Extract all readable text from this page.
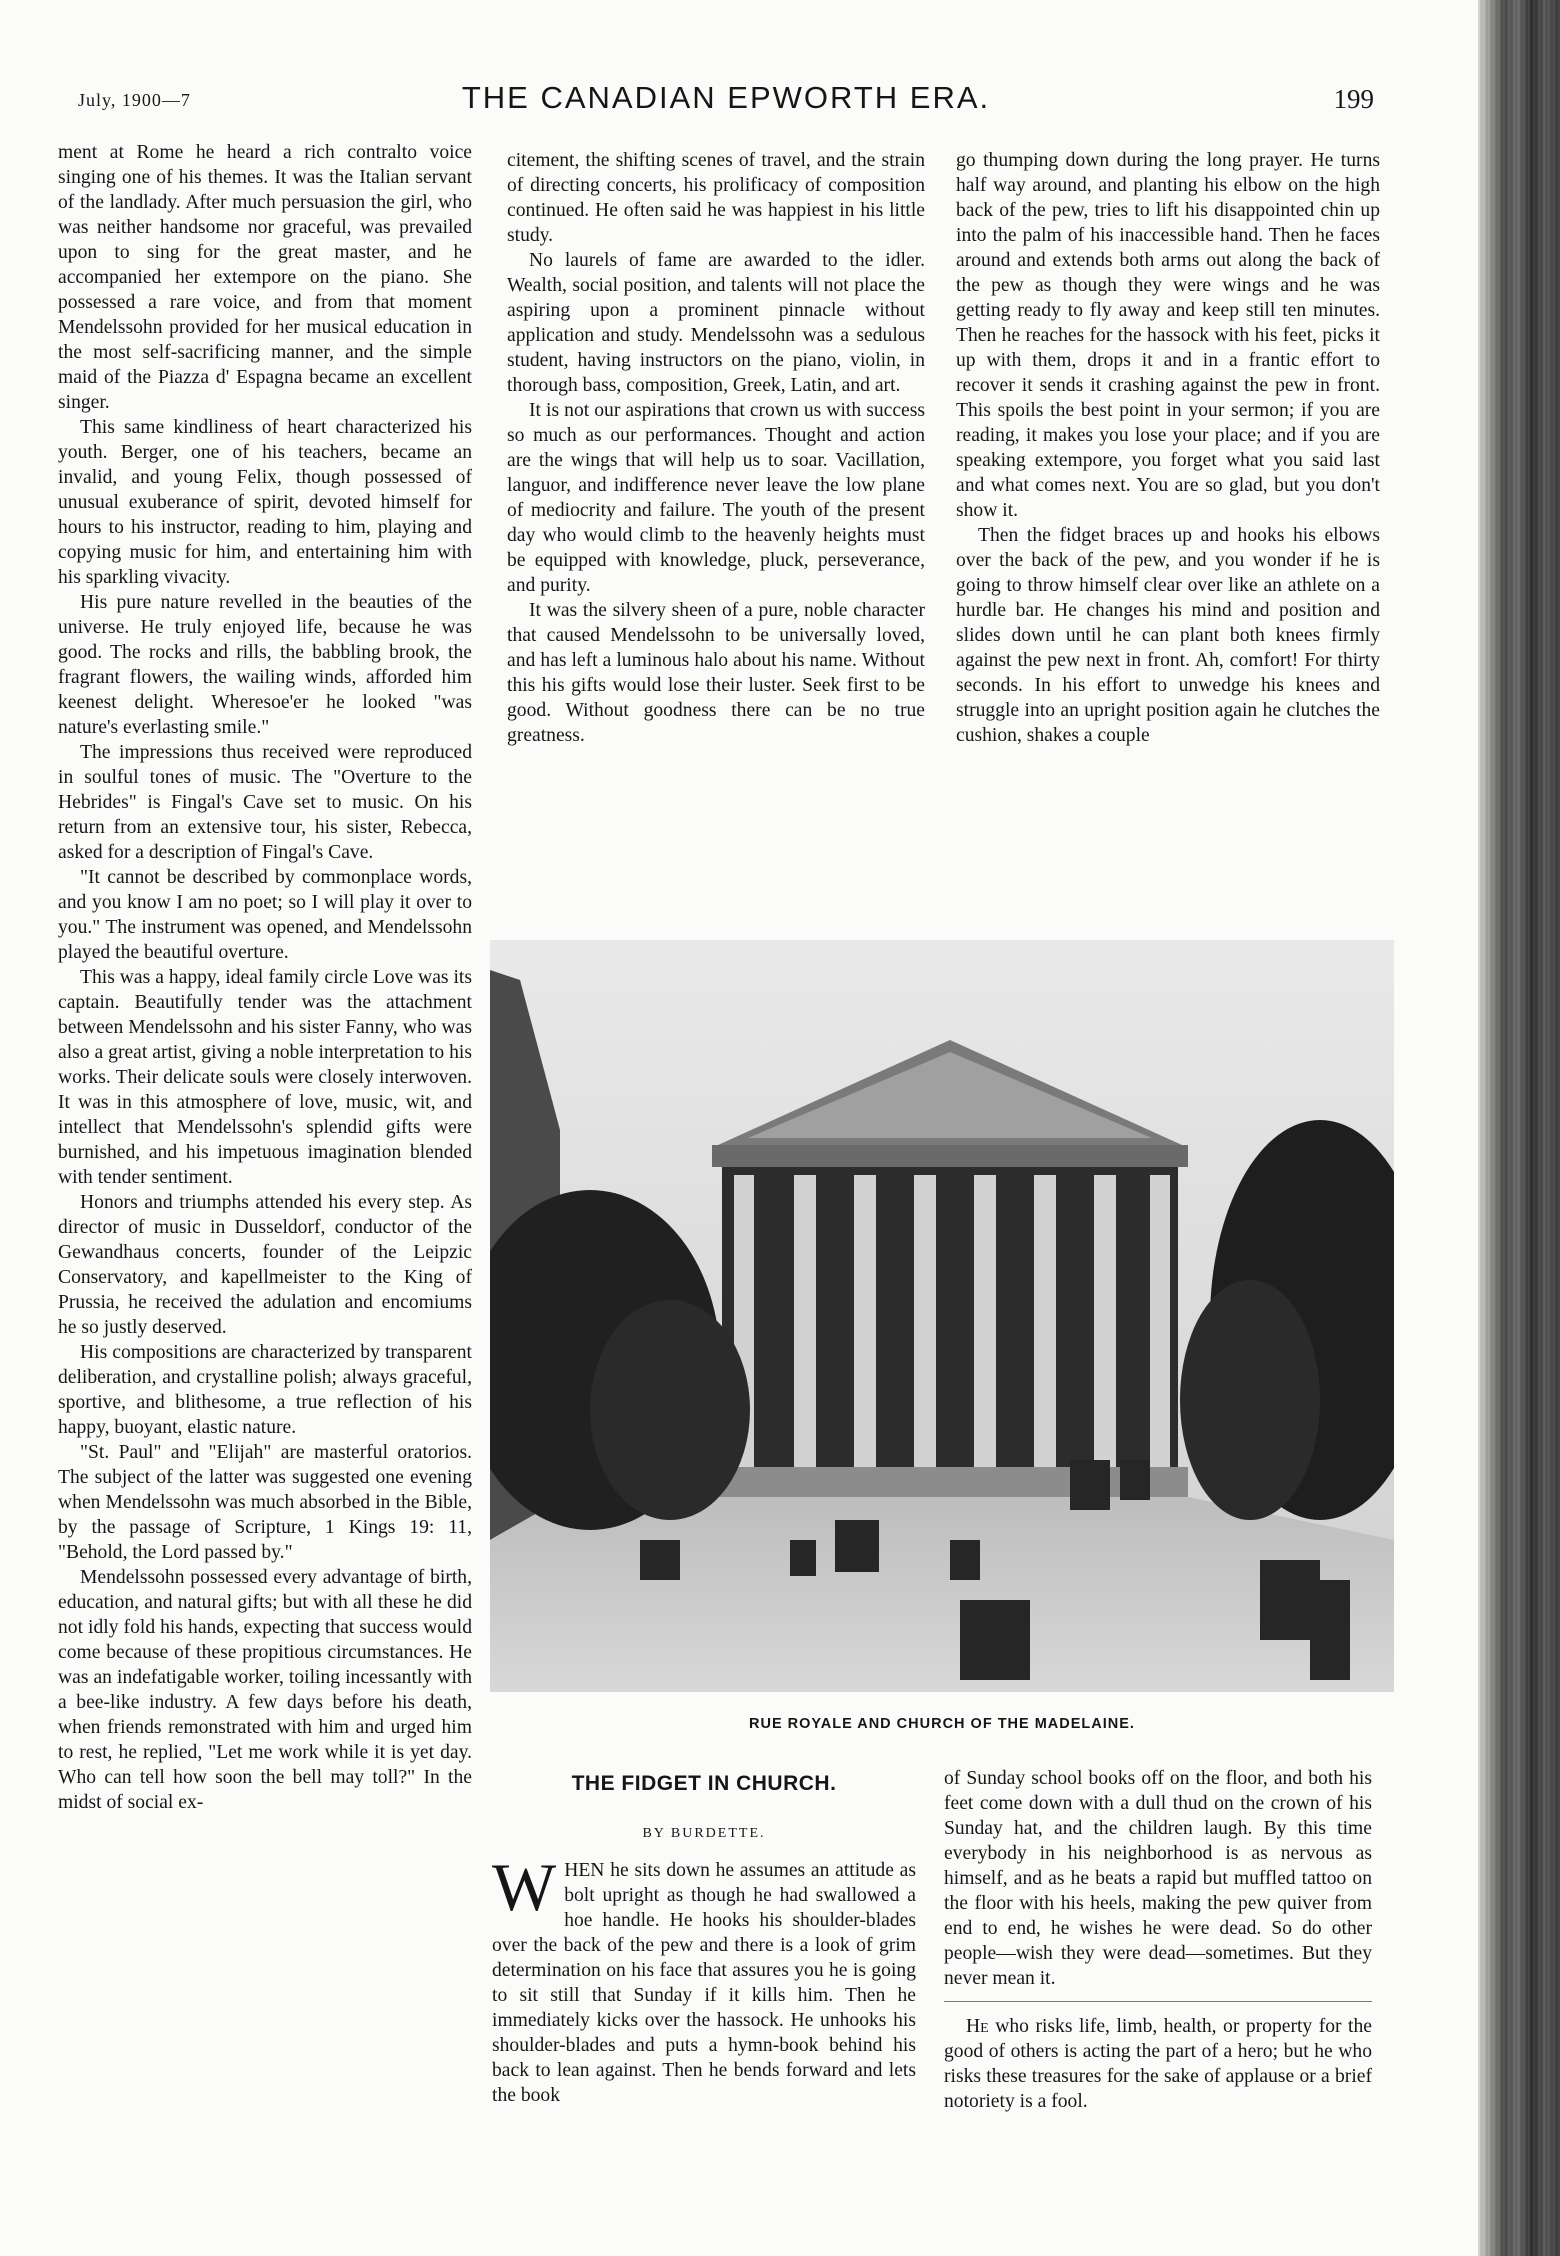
July, 1900—7	THE CANADIAN EPWORTH ERA.	199

ment at Rome he heard a rich contralto voice singing one of his themes. It was the Italian servant of the landlady. After much persuasion the girl, who was neither handsome nor graceful, was prevailed upon to sing for the great master, and he accompanied her extempore on the piano. She possessed a rare voice, and from that moment Mendelssohn provided for her musical education in the most self-sacrificing manner, and the simple maid of the Piazza d' Espagna became an excellent singer.

This same kindliness of heart characterized his youth. Berger, one of his teachers, became an invalid, and young Felix, though possessed of unusual exuberance of spirit, devoted himself for hours to his instructor, reading to him, playing and copying music for him, and entertaining him with his sparkling vivacity.

His pure nature revelled in the beauties of the universe. He truly enjoyed life, because he was good. The rocks and rills, the babbling brook, the fragrant flowers, the wailing winds, afforded him keenest delight. Wheresoe'er he looked "was nature's everlasting smile."

The impressions thus received were reproduced in soulful tones of music. The "Overture to the Hebrides" is Fingal's Cave set to music. On his return from an extensive tour, his sister, Rebecca, asked for a description of Fingal's Cave.

"It cannot be described by commonplace words, and you know I am no poet; so I will play it over to you." The instrument was opened, and Mendelssohn played the beautiful overture.

This was a happy, ideal family circle Love was its captain. Beautifully tender was the attachment between Mendelssohn and his sister Fanny, who was also a great artist, giving a noble interpretation to his works. Their delicate souls were closely interwoven. It was in this atmosphere of love, music, wit, and intellect that Mendelssohn's splendid gifts were burnished, and his impetuous imagination blended with tender sentiment.

Honors and triumphs attended his every step. As director of music in Dusseldorf, conductor of the Gewandhaus concerts, founder of the Leipzic Conservatory, and kapellmeister to the King of Prussia, he received the adulation and encomiums he so justly deserved.

His compositions are characterized by transparent deliberation, and crystalline polish; always graceful, sportive, and blithesome, a true reflection of his happy, buoyant, elastic nature.

"St. Paul" and "Elijah" are masterful oratorios. The subject of the latter was suggested one evening when Mendelssohn was much absorbed in the Bible, by the passage of Scripture, 1 Kings 19: 11, "Behold, the Lord passed by."

Mendelssohn possessed every advantage of birth, education, and natural gifts; but with all these he did not idly fold his hands, expecting that success would come because of these propitious circumstances. He was an indefatigable worker, toiling incessantly with a bee-like industry. A few days before his death, when friends remonstrated with him and urged him to rest, he replied, "Let me work while it is yet day. Who can tell how soon the bell may toll?" In the midst of social ex-

citement, the shifting scenes of travel, and the strain of directing concerts, his prolificacy of composition continued. He often said he was happiest in his little study.

No laurels of fame are awarded to the idler. Wealth, social position, and talents will not place the aspiring upon a prominent pinnacle without application and study. Mendelssohn was a sedulous student, having instructors on the piano, violin, in thorough bass, composition, Greek, Latin, and art.

It is not our aspirations that crown us with success so much as our performances. Thought and action are the wings that will help us to soar. Vacillation, languor, and indifference never leave the low plane of mediocrity and failure. The youth of the present day who would climb to the heavenly heights must be equipped with knowledge, pluck, perseverance, and purity.

It was the silvery sheen of a pure, noble character that caused Mendelssohn to be universally loved, and has left a luminous halo about his name. Without this his gifts would lose their luster. Seek first to be good. Without goodness there can be no true greatness.

go thumping down during the long prayer. He turns half way around, and planting his elbow on the high back of the pew, tries to lift his disappointed chin up into the palm of his inaccessible hand. Then he faces around and extends both arms out along the back of the pew as though they were wings and he was getting ready to fly away and keep still ten minutes. Then he reaches for the hassock with his feet, picks it up with them, drops it and in a frantic effort to recover it sends it crashing against the pew in front. This spoils the best point in your sermon; if you are reading, it makes you lose your place; and if you are speaking extempore, you forget what you said last and what comes next. You are so glad, but you don't show it.

Then the fidget braces up and hooks his elbows over the back of the pew, and you wonder if he is going to throw himself clear over like an athlete on a hurdle bar. He changes his mind and position and slides down until he can plant both knees firmly against the pew next in front. Ah, comfort! For thirty seconds. In his effort to unwedge his knees and struggle into an upright position again he clutches the cushion, shakes a couple

RUE ROYALE AND CHURCH OF THE MADELAINE.
THE FIDGET IN CHURCH.
BY BURDETTE.

WHEN he sits down he assumes an attitude as bolt upright as though he had swallowed a hoe handle. He hooks his shoulder-blades over the back of the pew and there is a look of grim determination on his face that assures you he is going to sit still that Sunday if it kills him. Then he immediately kicks over the hassock. He unhooks his shoulder-blades and puts a hymn-book behind his back to lean against. Then he bends forward and lets the book

of Sunday school books off on the floor, and both his feet come down with a dull thud on the crown of his Sunday hat, and the children laugh. By this time everybody in his neighborhood is as nervous as himself, and as he beats a rapid but muffled tattoo on the floor with his heels, making the pew quiver from end to end, he wishes he were dead. So do other people—wish they were dead—sometimes. But they never mean it.

He who risks life, limb, health, or property for the good of others is acting the part of a hero; but he who risks these treasures for the sake of applause or a brief notoriety is a fool.
